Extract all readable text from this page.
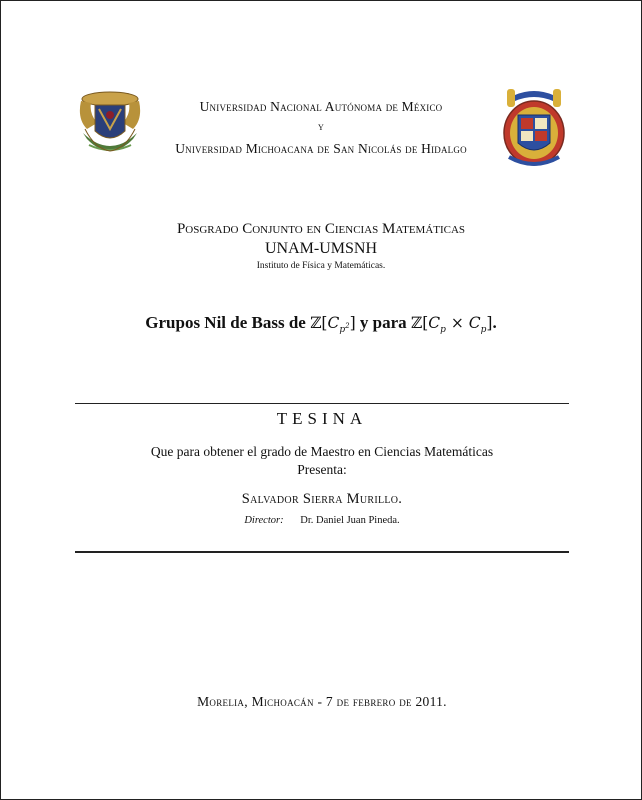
Universidad Nacional Autónoma de México
y
Universidad Michoacana de San Nicolás de Hidalgo
Posgrado Conjunto en Ciencias Matemáticas
UNAM-UMSNH
Instituto de Física y Matemáticas.
Grupos Nil de Bass de $ℤ[C_{p^2}]$ y para $ℤ[C_p \times C_p]$.
TESINA
Que para obtener el grado de Maestro en Ciencias Matemáticas
Presenta:
Salvador Sierra Murillo.
Director: Dr. Daniel Juan Pineda.
Morelia, Michoacán - 7 de febrero de 2011.
